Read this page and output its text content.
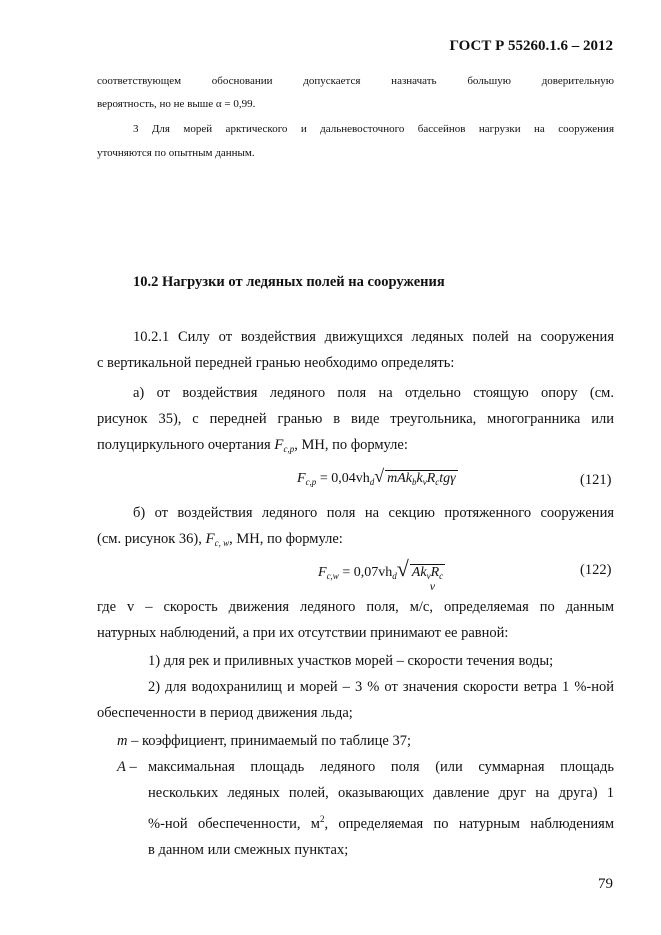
ГОСТ Р 55260.1.6 – 2012
соответствующем обосновании допускается назначать большую доверительную
вероятность, но не выше α = 0,99.
3 Для морей арктического и дальневосточного бассейнов нагрузки на сооружения
уточняются по опытным данным.
10.2 Нагрузки от ледяных полей на сооружения
10.2.1 Силу от воздействия движущихся ледяных полей на сооружения
с вертикальной передней гранью необходимо определять:
а) от воздействия ледяного поля на отдельно стоящую опору (см.
рисунок 35), с передней гранью в виде треугольника, многогранника или
полуциркульного очертания $F_{c,p}$, МН, по формуле:
$F_{c,p} = 0,04vh_d√$ $mAk_bk_vR_ctg\gamma$	(121)
б) от воздействия ледяного поля на секцию протяженного сооружения
(см. рисунок 36), $F_{c, w}$, МН, по формуле:
$F_{c,w} = 0,07vh_d√$ $Ak_vR_c$
v
(122)
где v – скорость движения ледяного поля, м/с, определяемая по данным
натурных наблюдений, а при их отсутствии принимают ее равной:
1) для рек и приливных участков морей – скорости течения воды;
2) для водохранилищ и морей – 3 % от значения скорости ветра 1 %-ной
обеспеченности в период движения льда;
m – коэффициент, принимаемый по таблице 37;
A – максимальная площадь ледяного поля (или суммарная площадь
нескольких ледяных полей, оказывающих давление друг на друга) 1
%-ной обеспеченности, $м^2$, определяемая по натурным наблюдениям
в данном или смежных пунктах;
79
